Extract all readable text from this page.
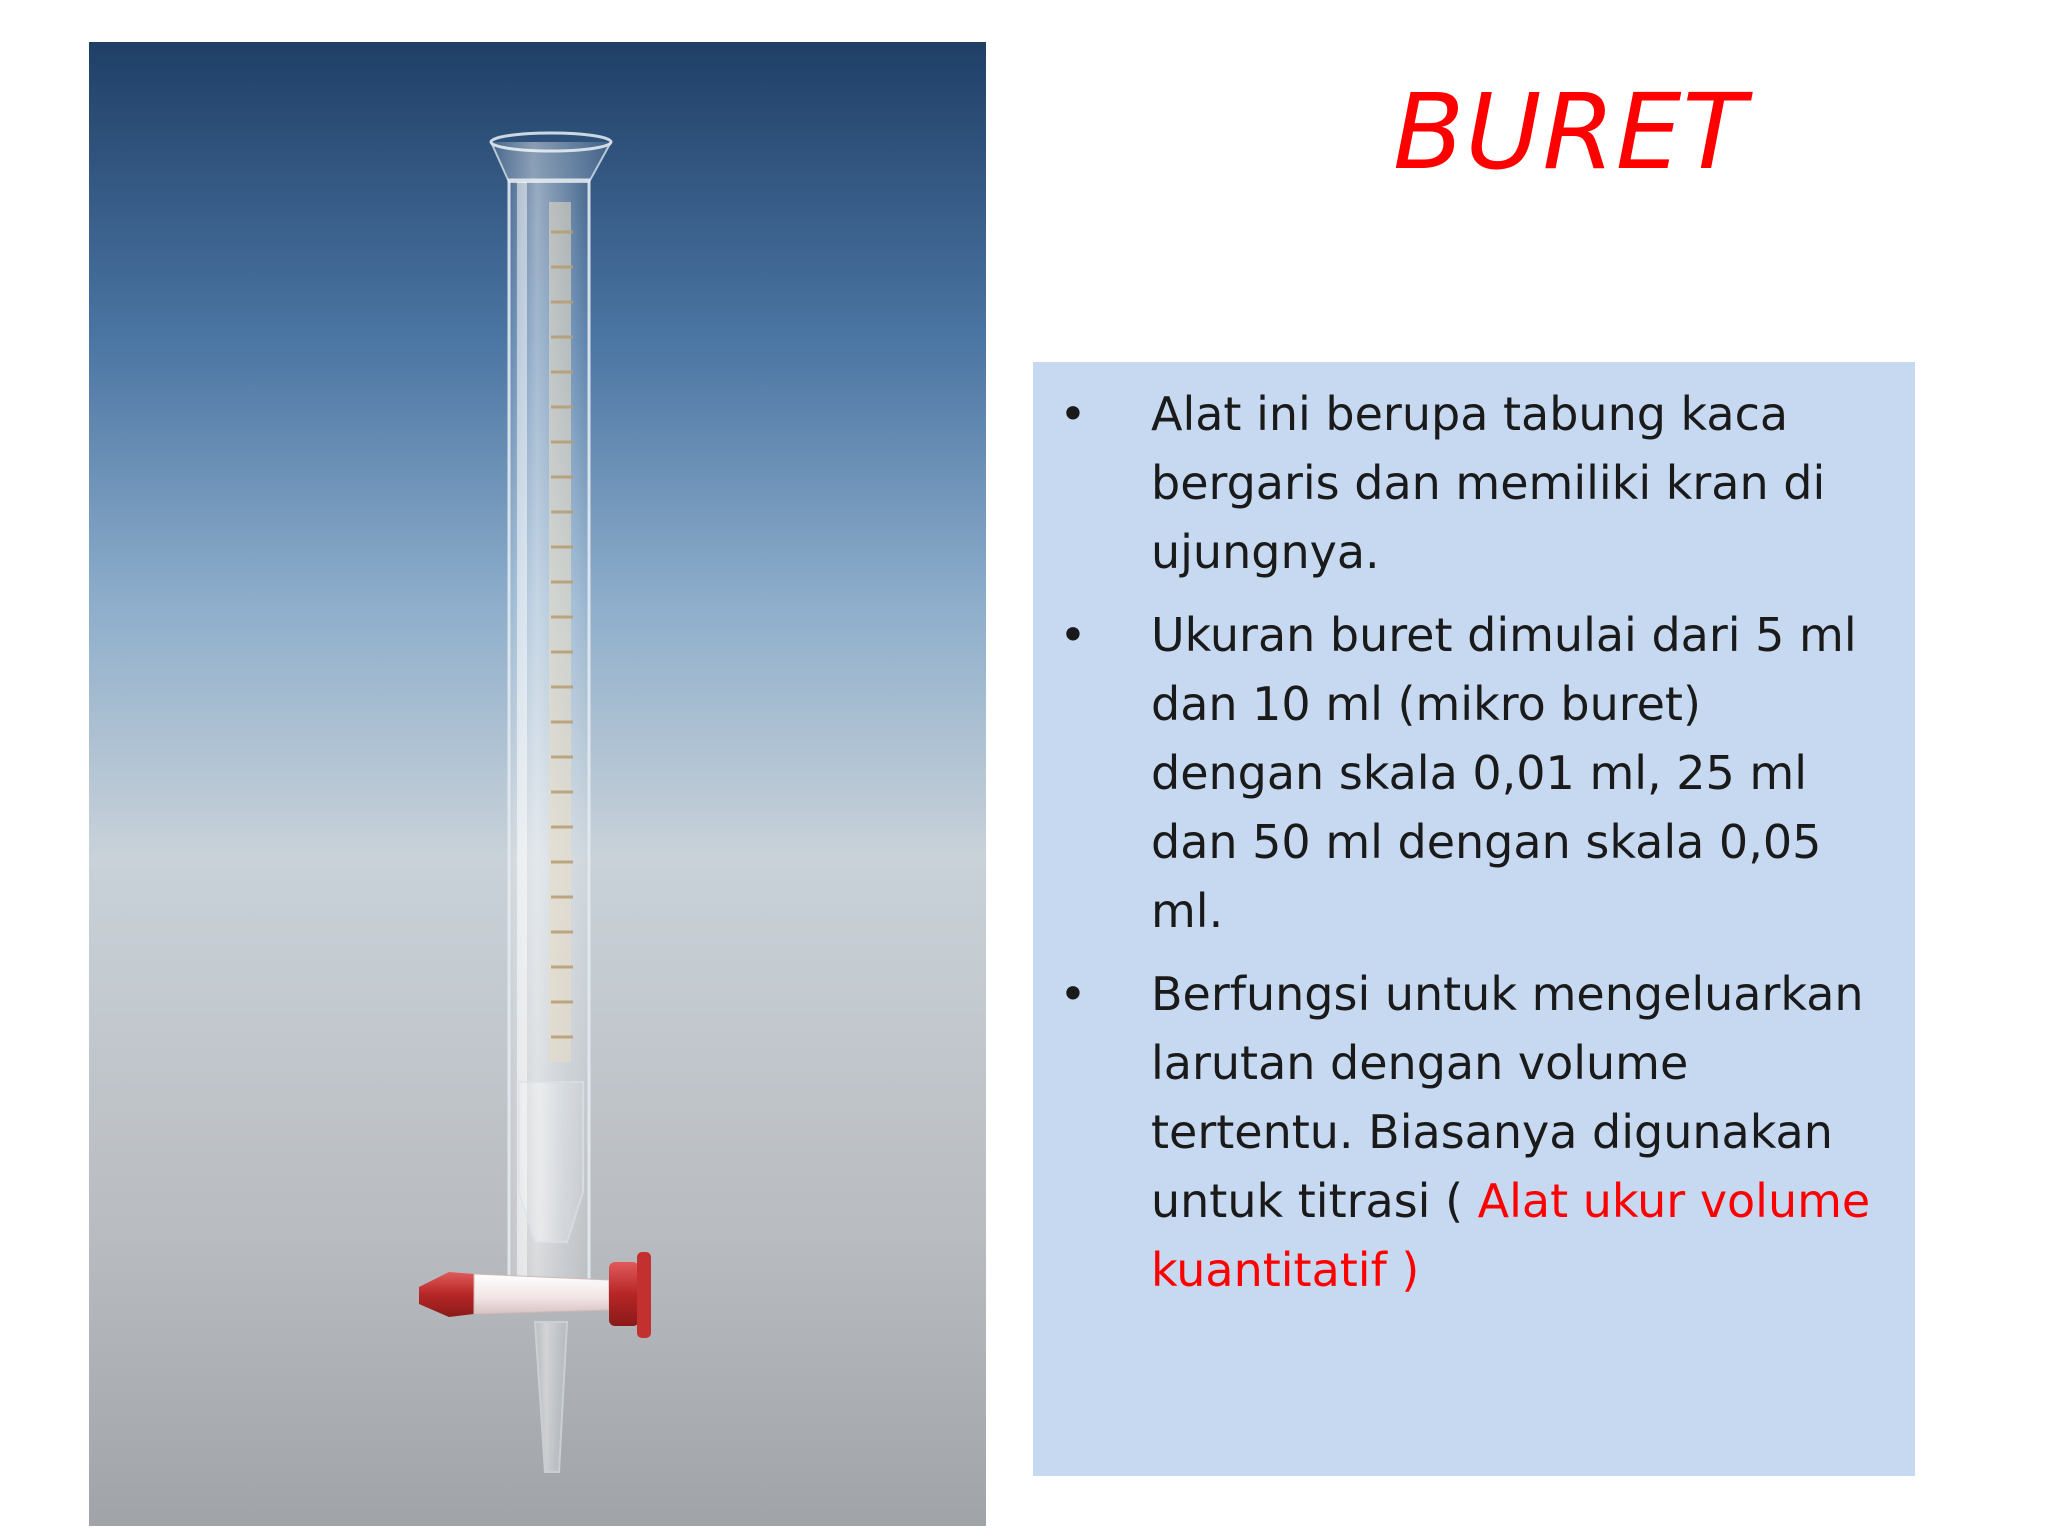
BURET
• Alat ini berupa tabung kaca bergaris dan memiliki kran di ujungnya.
• Ukuran buret dimulai dari 5 ml dan 10 ml (mikro buret) dengan skala 0,01 ml, 25 ml dan 50 ml dengan skala 0,05 ml.
• Berfungsi untuk mengeluarkan larutan dengan volume tertentu. Biasanya digunakan untuk titrasi ( Alat ukur volume kuantitatif )
